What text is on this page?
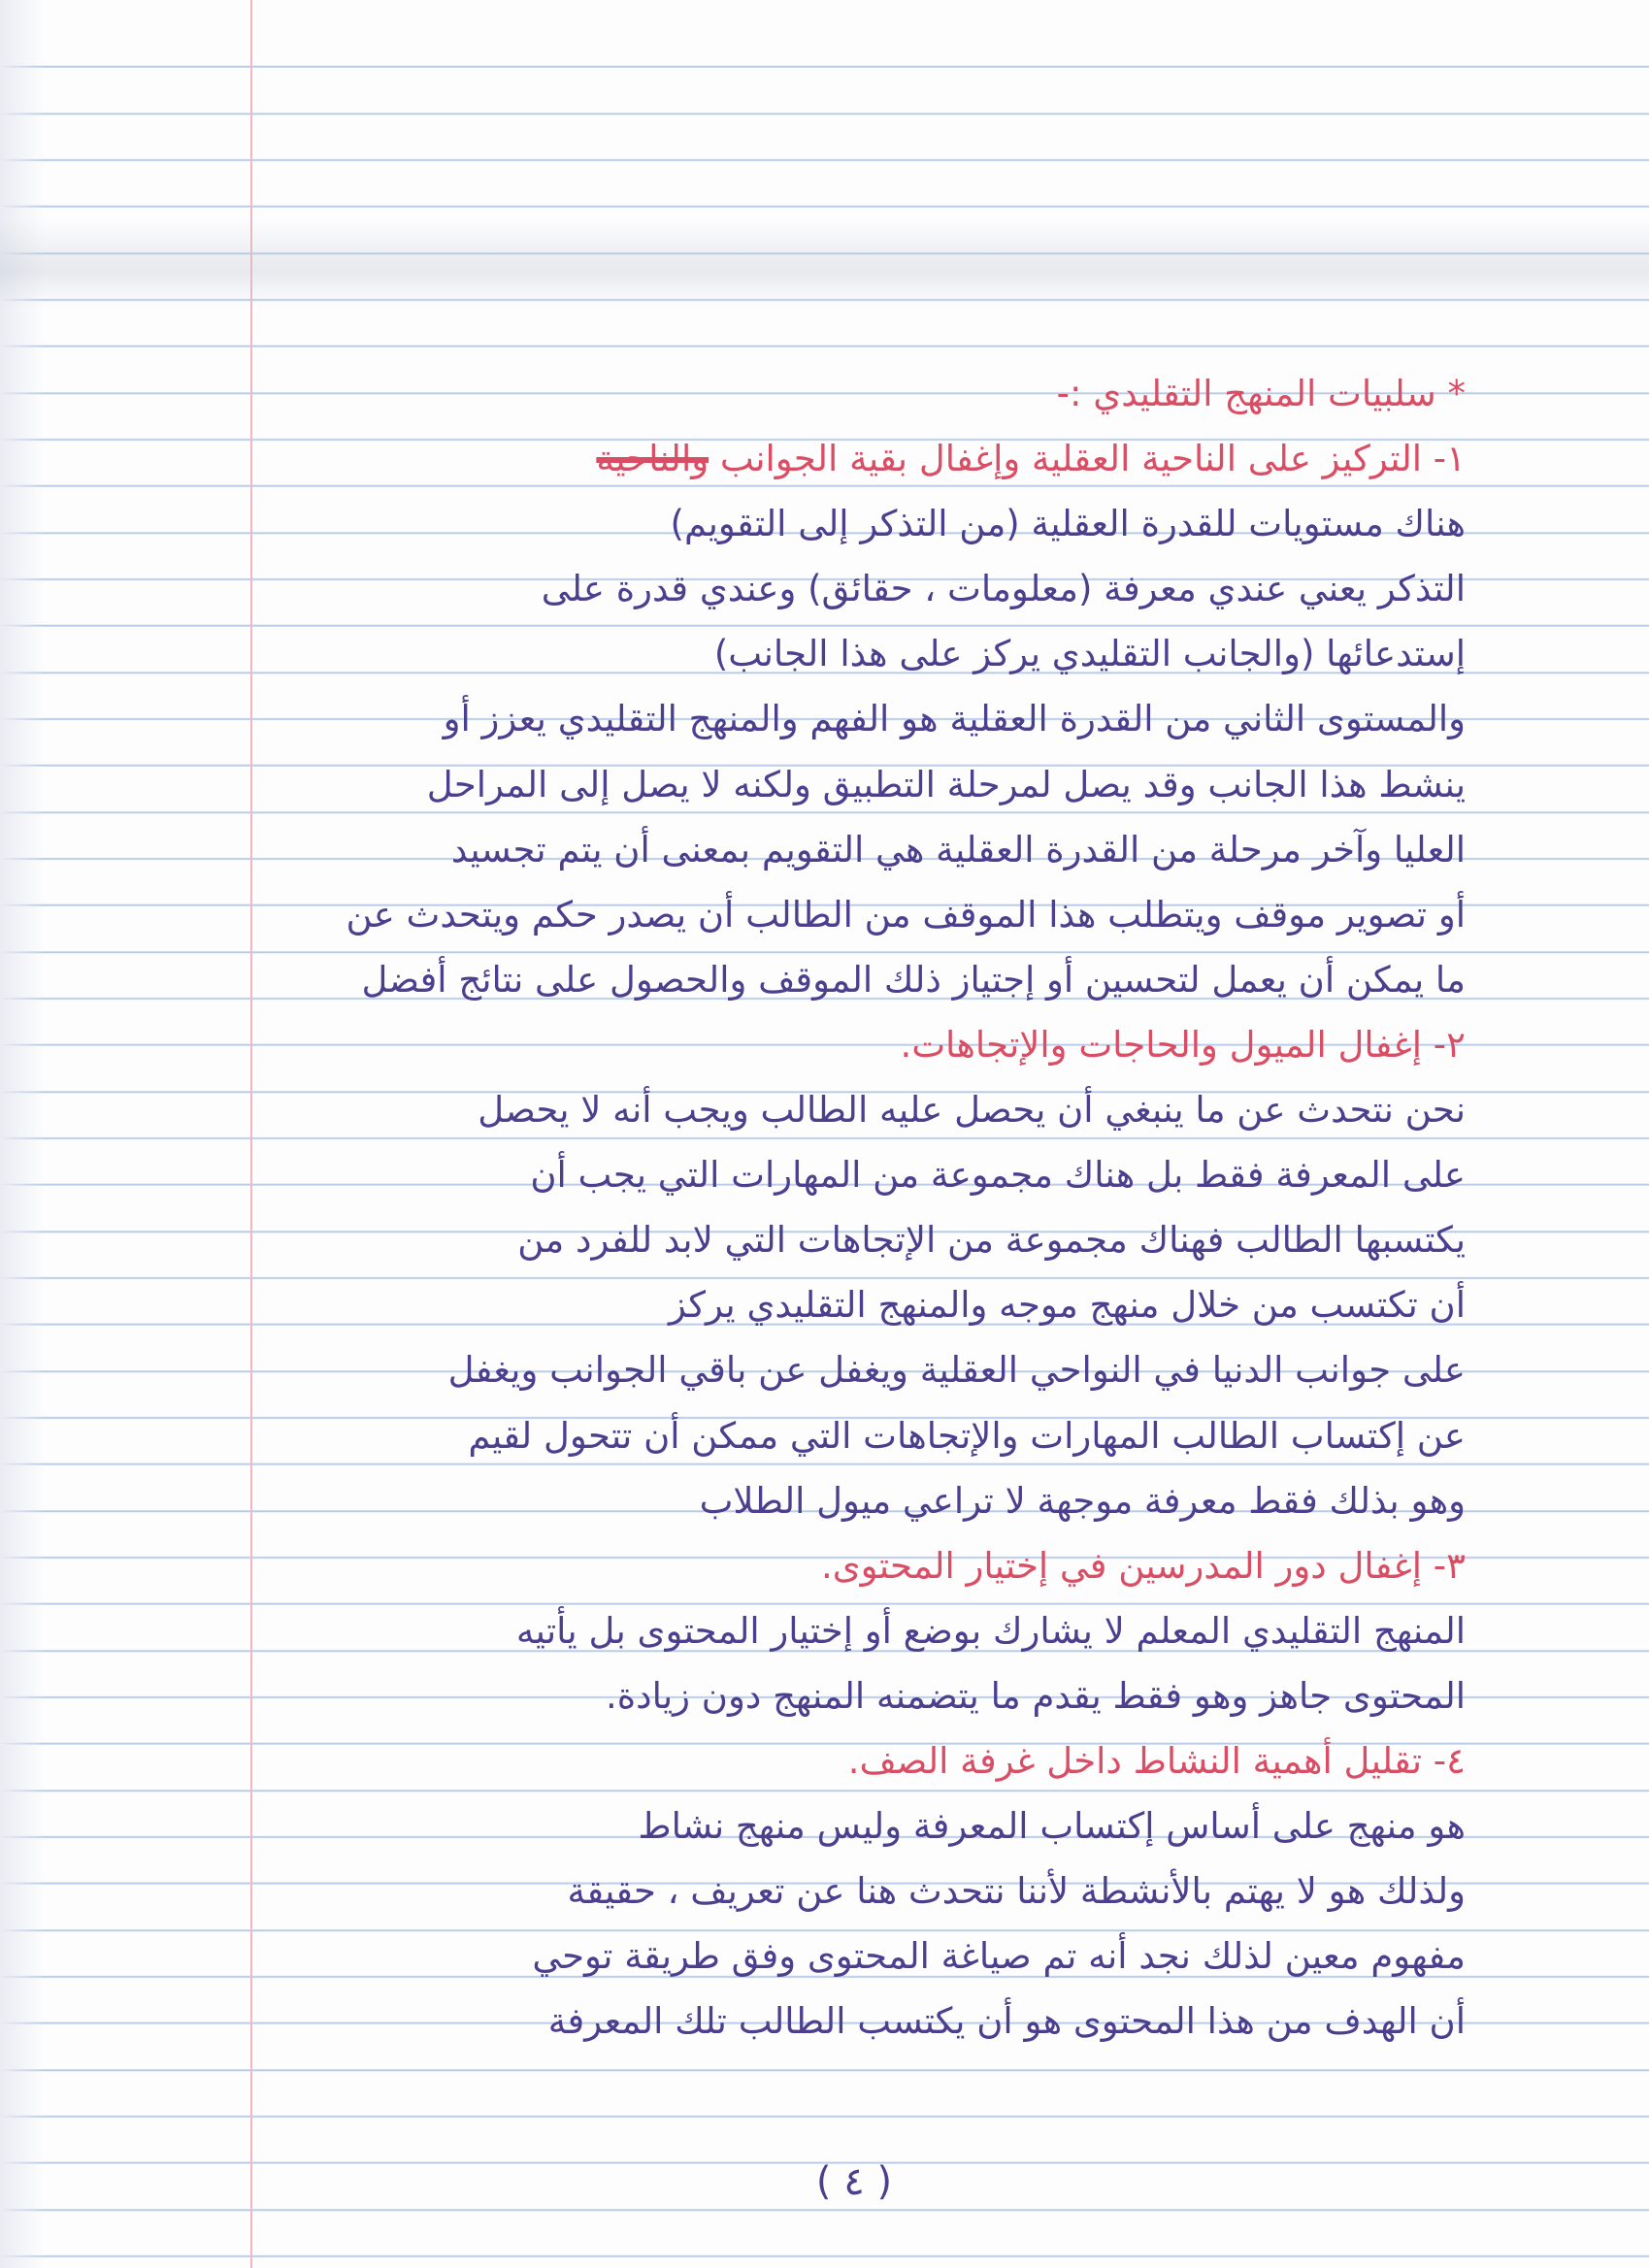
* سلبيات المنهج التقليدي :-
١- التركيز على الناحية العقلية وإغفال بقية الجوانب والناحية
هناك مستويات للقدرة العقلية (من التذكر إلى التقويم)
التذكر يعني عندي معرفة (معلومات ، حقائق) وعندي قدرة على
إستدعائها (والجانب التقليدي يركز على هذا الجانب)
والمستوى الثاني من القدرة العقلية هو الفهم والمنهج التقليدي يعزز أو
ينشط هذا الجانب وقد يصل لمرحلة التطبيق ولكنه لا يصل إلى المراحل
العليا وآخر مرحلة من القدرة العقلية هي التقويم بمعنى أن يتم تجسيد
أو تصوير موقف ويتطلب هذا الموقف من الطالب أن يصدر حكم ويتحدث عن
ما يمكن أن يعمل لتحسين أو إجتياز ذلك الموقف والحصول على نتائج أفضل
٢- إغفال الميول والحاجات والإتجاهات.
نحن نتحدث عن ما ينبغي أن يحصل عليه الطالب ويجب أنه لا يحصل
على المعرفة فقط بل هناك مجموعة من المهارات التي يجب أن
يكتسبها الطالب فهناك مجموعة من الإتجاهات التي لابد للفرد من
أن تكتسب من خلال منهج موجه والمنهج التقليدي يركز
على جوانب الدنيا في النواحي العقلية ويغفل عن باقي الجوانب ويغفل
عن إكتساب الطالب المهارات والإتجاهات التي ممكن أن تتحول لقيم
وهو بذلك فقط معرفة موجهة لا تراعي ميول الطلاب
٣- إغفال دور المدرسين في إختيار المحتوى.
المنهج التقليدي المعلم لا يشارك بوضع أو إختيار المحتوى بل يأتيه
المحتوى جاهز وهو فقط يقدم ما يتضمنه المنهج دون زيادة.
٤- تقليل أهمية النشاط داخل غرفة الصف.
هو منهج على أساس إكتساب المعرفة وليس منهج نشاط
ولذلك هو لا يهتم بالأنشطة لأننا نتحدث هنا عن تعريف ، حقيقة
مفهوم معين لذلك نجد أنه تم صياغة المحتوى وفق طريقة توحي
أن الهدف من هذا المحتوى هو أن يكتسب الطالب تلك المعرفة
( ٤ )
